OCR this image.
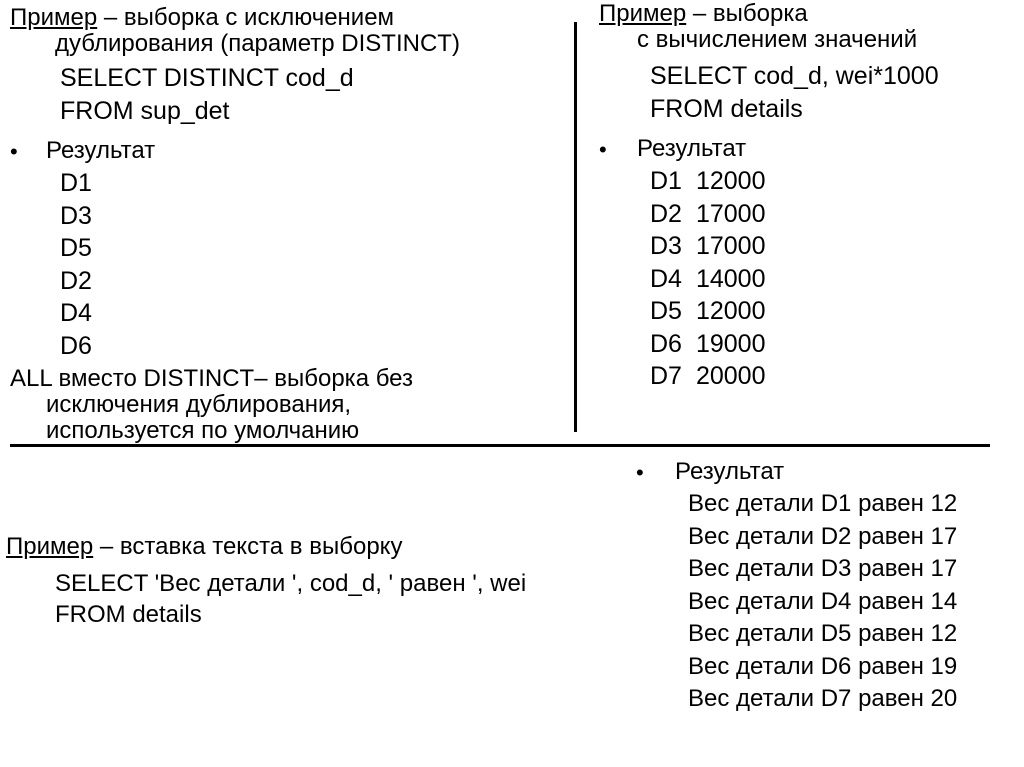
Пример – выборка с исключением
дублирования (параметр DISTINCT)
SELECT DISTINCT cod_d
FROM sup_det
• Результат
D1
D3
D5
D2
D4
D6
ALL вместо DISTINCT– выборка без
исключения дублирования,
используется по умолчанию
Пример – выборка
с вычислением значений
SELECT cod_d, wei*1000
FROM details
• Результат
D1 12000
D2 17000
D3 17000
D4 14000
D5 12000
D6 19000
D7 20000
Пример – вставка текста в выборку
SELECT 'Вес детали ', cod_d, ' равен ', wei
FROM details
• Результат
Вес детали D1 равен 12
Вес детали D2 равен 17
Вес детали D3 равен 17
Вес детали D4 равен 14
Вес детали D5 равен 12
Вес детали D6 равен 19
Вес детали D7 равен 20
